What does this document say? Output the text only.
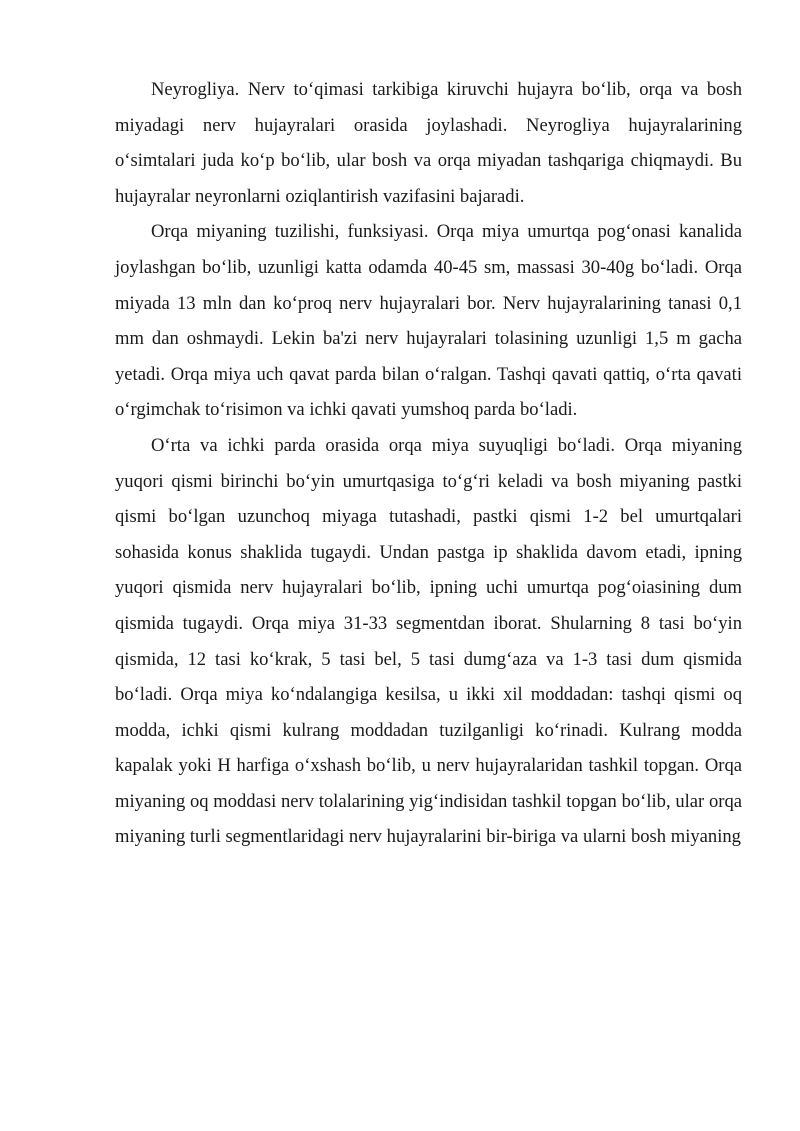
Neyrogliya. Nerv to‘qimasi tarkibiga kiruvchi hujayra bo‘lib, orqa va bosh miyadagi nerv hujayralari orasida joylashadi. Neyrogliya hujayralarining o‘simtalari juda ko‘p bo‘lib, ular bosh va orqa miyadan tashqariga chiqmaydi. Bu hujayralar neyronlarni oziqlantirish vazifasini bajaradi.

Orqa miyaning tuzilishi, funksiyasi. Orqa miya umurtqa pog‘onasi kanalida joylashgan bo‘lib, uzunligi katta odamda 40-45 sm, massasi 30-40g bo‘ladi. Orqa miyada 13 mln dan ko‘proq nerv hujayralari bor. Nerv hujayralarining tanasi 0,1 mm dan oshmaydi. Lekin ba'zi nerv hujayralari tolasining uzunligi 1,5 m gacha yetadi. Orqa miya uch qavat parda bilan o‘ralgan. Tashqi qavati qattiq, o‘rta qavati o‘rgimchak to‘risimon va ichki qavati yumshoq parda bo‘ladi.

O‘rta va ichki parda orasida orqa miya suyuqligi bo‘ladi. Orqa miyaning yuqori qismi birinchi bo‘yin umurtqasiga to‘g‘ri keladi va bosh miyaning pastki qismi bo‘lgan uzunchoq miyaga tutashadi, pastki qismi 1-2 bel umurtqalari sohasida konus shaklida tugaydi. Undan pastga ip shaklida davom etadi, ipning yuqori qismida nerv hujayralari bo‘lib, ipning uchi umurtqa pog‘oiasining dum qismida tugaydi. Orqa miya 31-33 segmentdan iborat. Shularning 8 tasi bo‘yin qismida, 12 tasi ko‘krak, 5 tasi bel, 5 tasi dumg‘aza va 1-3 tasi dum qismida bo‘ladi. Orqa miya ko‘ndalangiga kesilsa, u ikki xil moddadan: tashqi qismi oq modda, ichki qismi kulrang moddadan tuzilganligi ko‘rinadi. Kulrang modda kapalak yoki H harfiga o‘xshash bo‘lib, u nerv hujayralaridan tashkil topgan. Orqa miyaning oq moddasi nerv tolalarining yig‘indisidan tashkil topgan bo‘lib, ular orqa miyaning turli segmentlaridagi nerv hujayralarini bir-biriga va ularni bosh miyaning
